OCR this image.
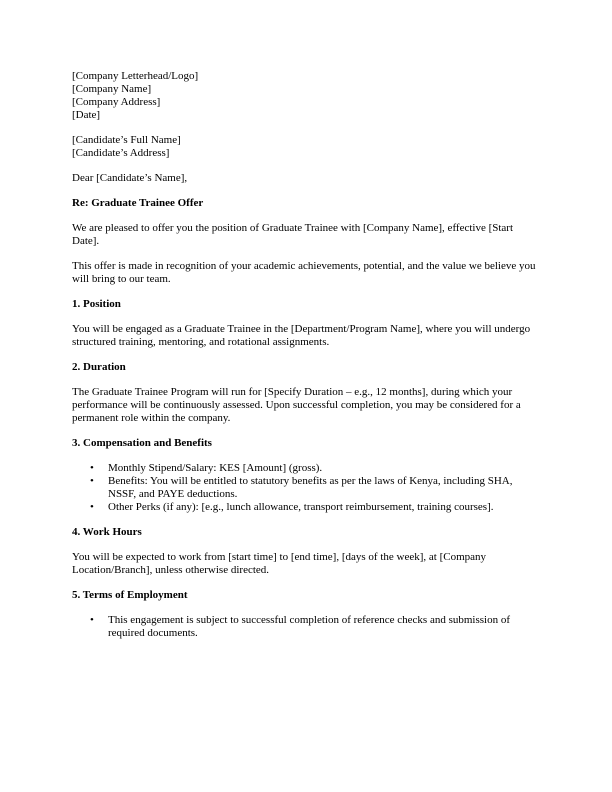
[Company Letterhead/Logo]
[Company Name]
[Company Address]
[Date]
[Candidate’s Full Name]
[Candidate’s Address]

Dear [Candidate’s Name],

Re: Graduate Trainee Offer

We are pleased to offer you the position of Graduate Trainee with [Company Name], effective [Start Date].

This offer is made in recognition of your academic achievements, potential, and the value we believe you will bring to our team.

1. Position

You will be engaged as a Graduate Trainee in the [Department/Program Name], where you will undergo structured training, mentoring, and rotational assignments.

2. Duration

The Graduate Trainee Program will run for [Specify Duration – e.g., 12 months], during which your performance will be continuously assessed. Upon successful completion, you may be considered for a permanent role within the company.

3. Compensation and Benefits

• Monthly Stipend/Salary: KES [Amount] (gross).
• Benefits: You will be entitled to statutory benefits as per the laws of Kenya, including SHA, NSSF, and PAYE deductions.
• Other Perks (if any): [e.g., lunch allowance, transport reimbursement, training courses].

4. Work Hours

You will be expected to work from [start time] to [end time], [days of the week], at [Company Location/Branch], unless otherwise directed.

5. Terms of Employment

• This engagement is subject to successful completion of reference checks and submission of required documents.
